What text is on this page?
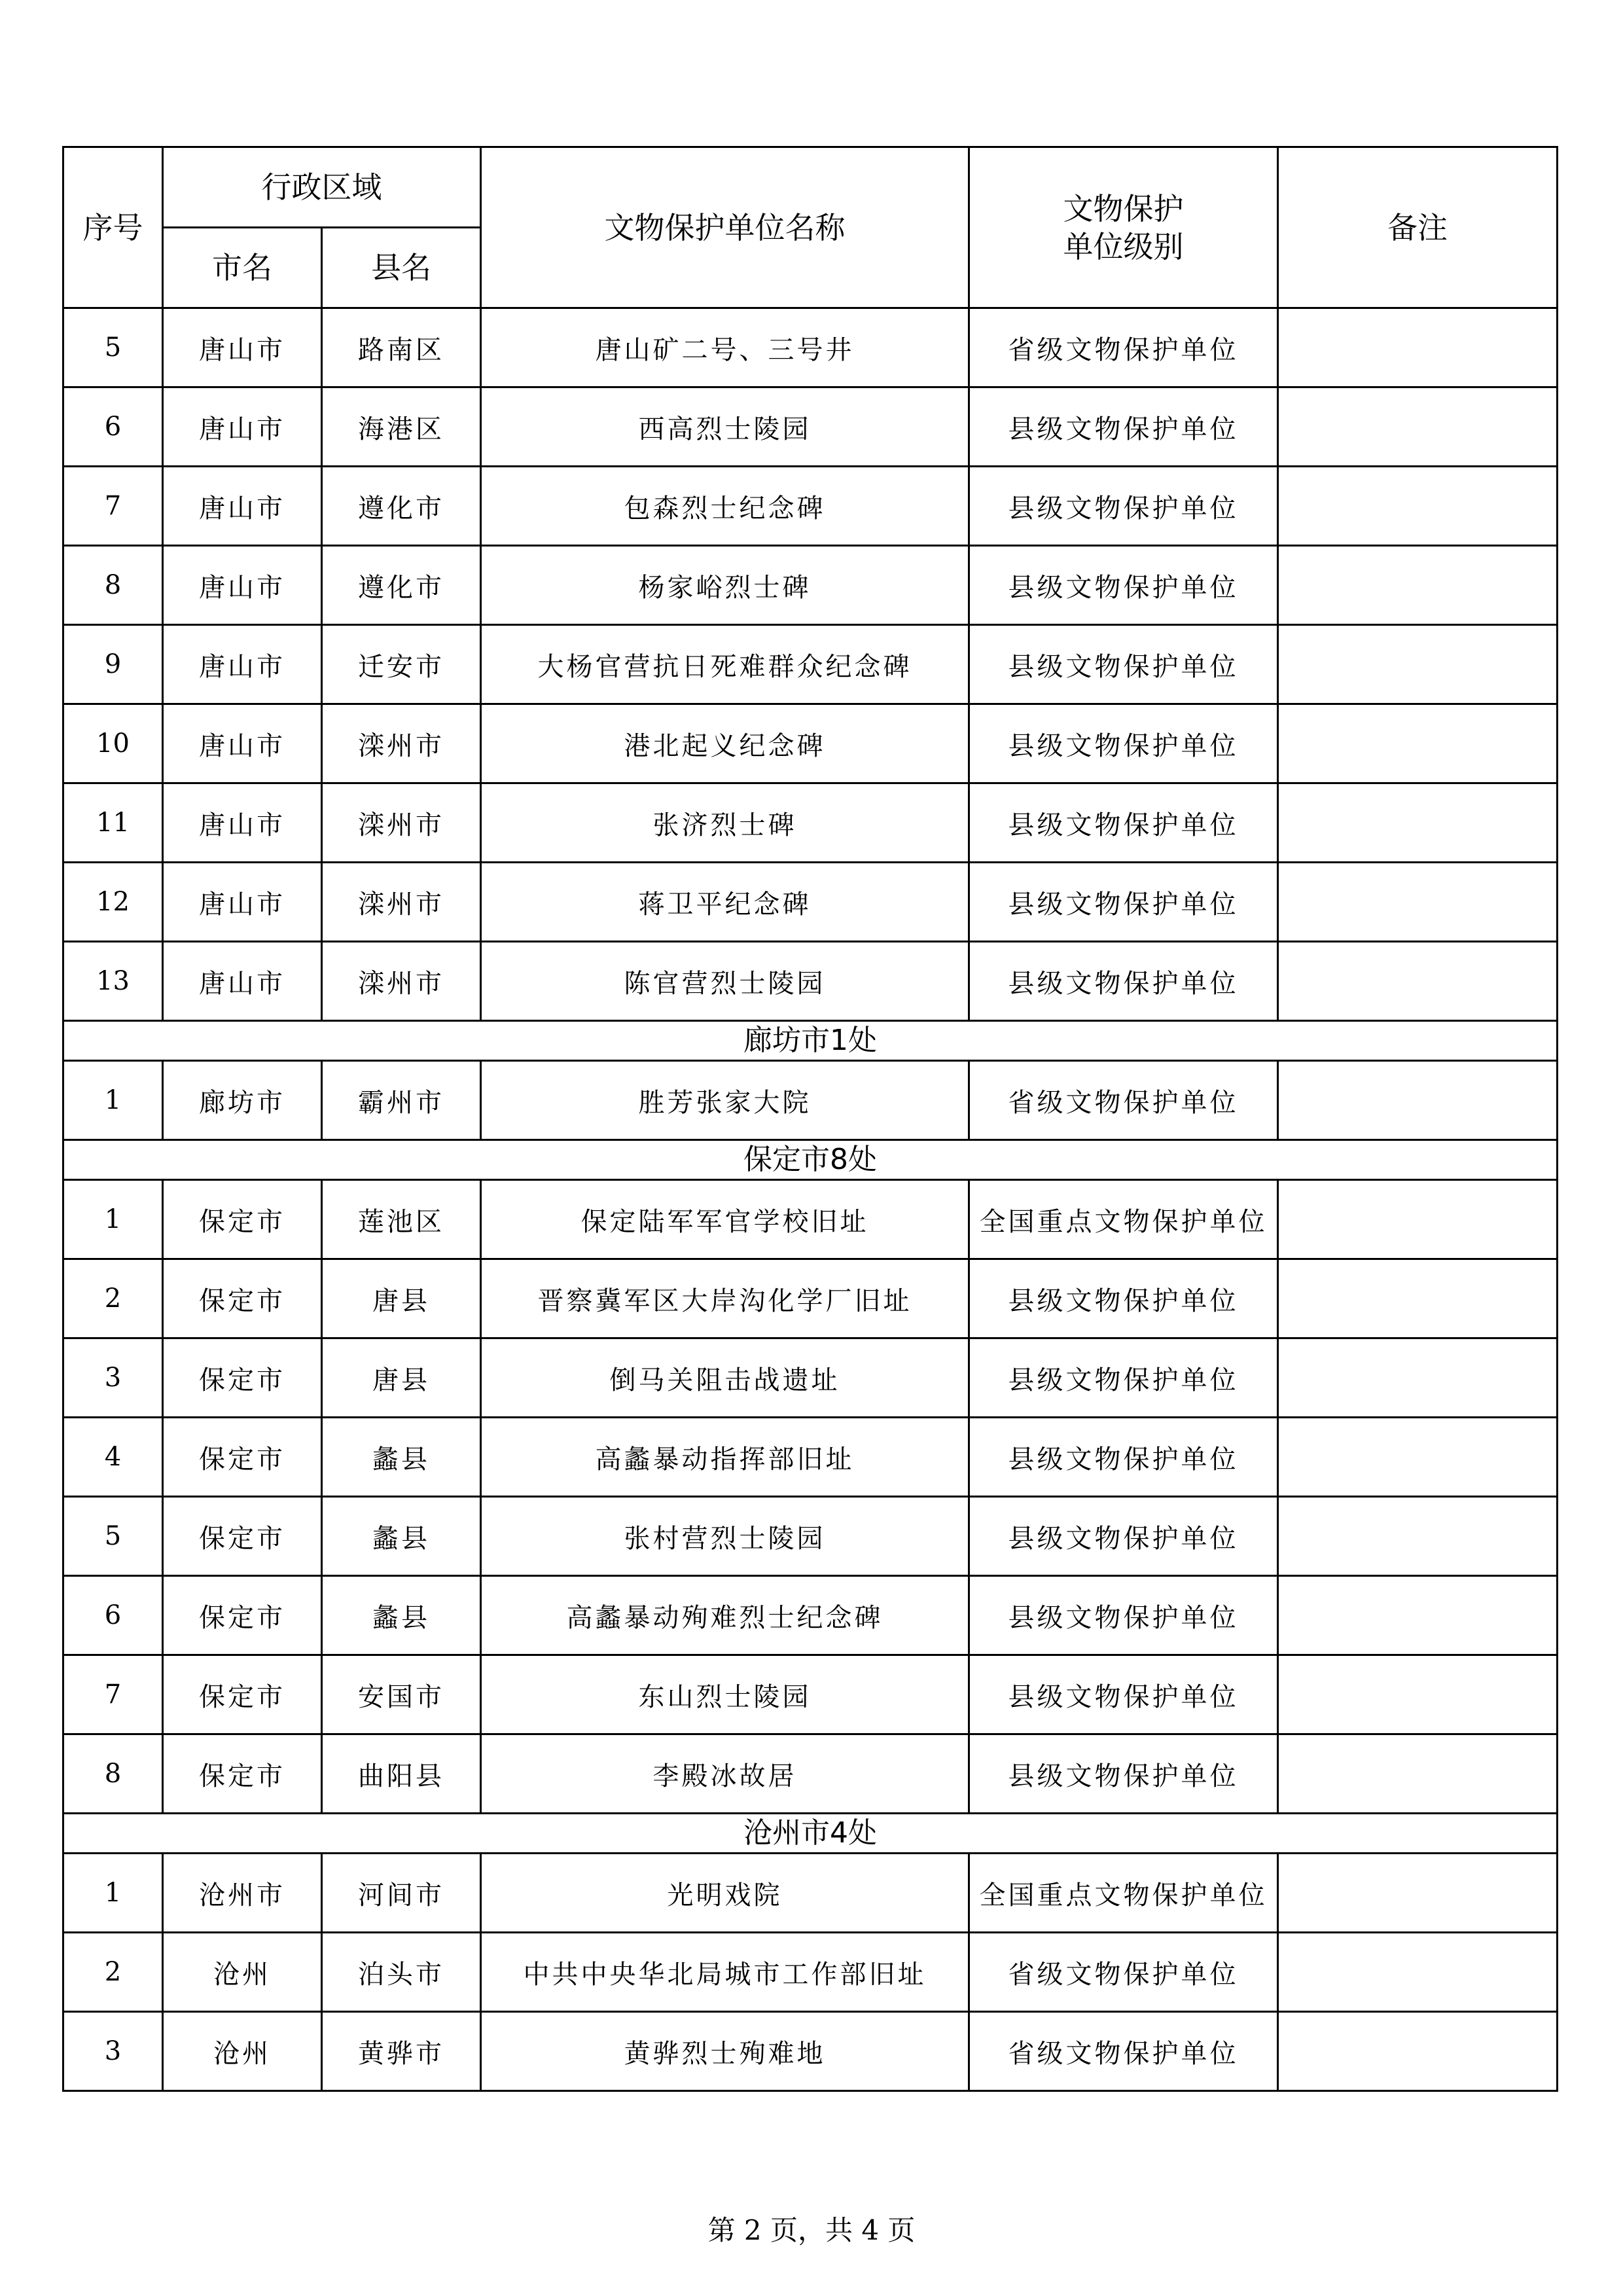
序号	行政区域		文物保护单位名称	文物保护
单位级别	备注
	市名	县名			
5	唐山市	路南区	唐山矿二号、三号井	省级文物保护单位	
6	唐山市	海港区	西高烈士陵园	县级文物保护单位	
7	唐山市	遵化市	包森烈士纪念碑	县级文物保护单位	
8	唐山市	遵化市	杨家峪烈士碑	县级文物保护单位	
9	唐山市	迁安市	大杨官营抗日死难群众纪念碑	县级文物保护单位	
10	唐山市	滦州市	港北起义纪念碑	县级文物保护单位	
11	唐山市	滦州市	张济烈士碑	县级文物保护单位	
12	唐山市	滦州市	蒋卫平纪念碑	县级文物保护单位	
13	唐山市	滦州市	陈官营烈士陵园	县级文物保护单位	
廊坊市1处					
1	廊坊市	霸州市	胜芳张家大院	省级文物保护单位	
保定市8处					
1	保定市	莲池区	保定陆军军官学校旧址	全国重点文物保护单位	
2	保定市	唐县	晋察冀军区大岸沟化学厂旧址	县级文物保护单位	
3	保定市	唐县	倒马关阻击战遗址	县级文物保护单位	
4	保定市	蠡县	高蠡暴动指挥部旧址	县级文物保护单位	
5	保定市	蠡县	张村营烈士陵园	县级文物保护单位	
6	保定市	蠡县	高蠡暴动殉难烈士纪念碑	县级文物保护单位	
7	保定市	安国市	东山烈士陵园	县级文物保护单位	
8	保定市	曲阳县	李殿冰故居	县级文物保护单位	
沧州市4处					
1	沧州市	河间市	光明戏院	全国重点文物保护单位	
2	沧州	泊头市	中共中央华北局城市工作部旧址	省级文物保护单位	
3	沧州	黄骅市	黄骅烈士殉难地	省级文物保护单位	
第 2 页，共 4 页
